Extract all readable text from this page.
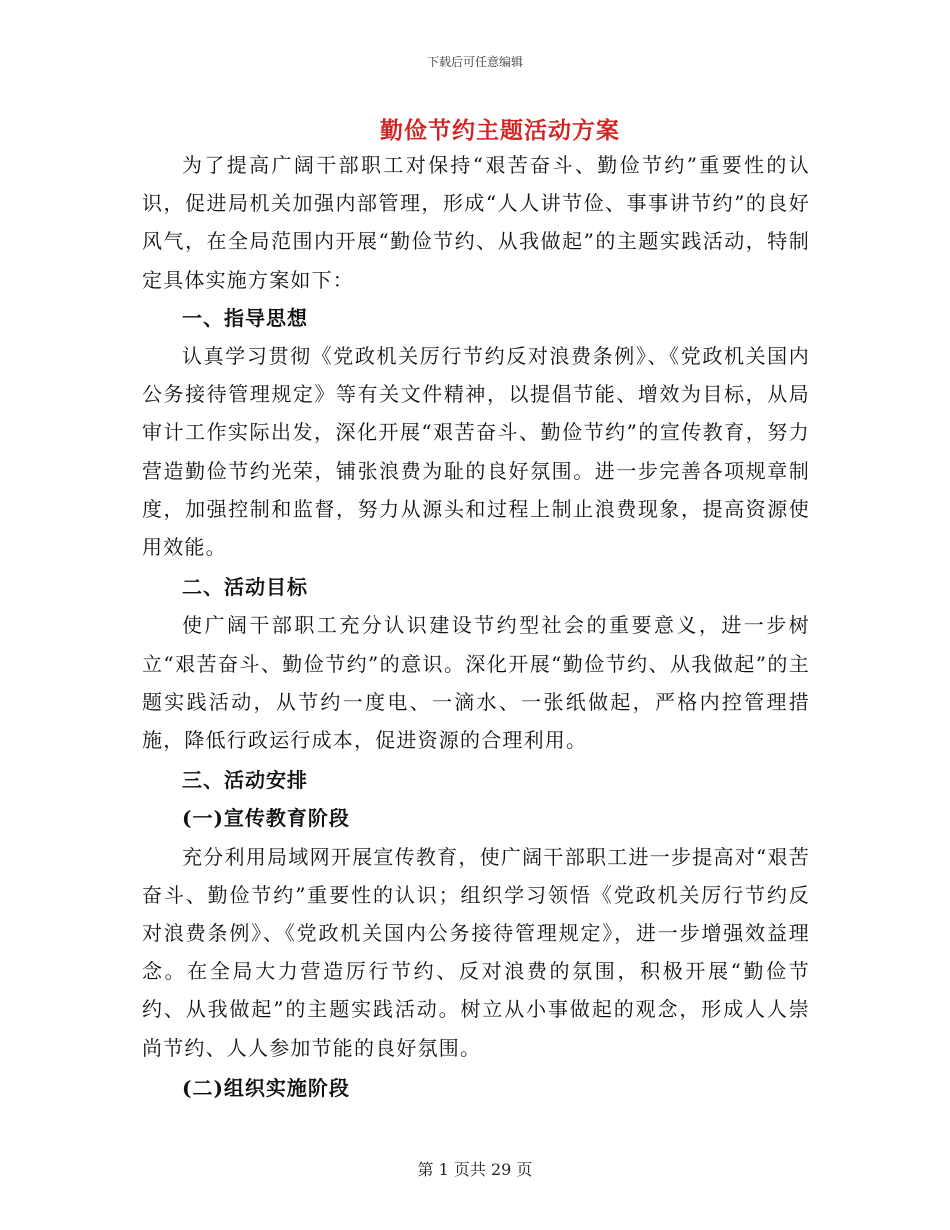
下载后可任意编辑
勤俭节约主题活动方案

为了提高广阔干部职工对保持“艰苦奋斗、勤俭节约”重要性的认识，促进局机关加强内部管理，形成“人人讲节俭、事事讲节约”的良好风气，在全局范围内开展“勤俭节约、从我做起”的主题实践活动，特制定具体实施方案如下：

一、指导思想

认真学习贯彻《党政机关厉行节约反对浪费条例》、《党政机关国内公务接待管理规定》等有关文件精神，以提倡节能、增效为目标，从局审计工作实际出发，深化开展“艰苦奋斗、勤俭节约”的宣传教育，努力营造勤俭节约光荣，铺张浪费为耻的良好氛围。进一步完善各项规章制度，加强控制和监督，努力从源头和过程上制止浪费现象，提高资源使用效能。

二、活动目标

使广阔干部职工充分认识建设节约型社会的重要意义，进一步树立“艰苦奋斗、勤俭节约”的意识。深化开展“勤俭节约、从我做起”的主题实践活动，从节约一度电、一滴水、一张纸做起，严格内控管理措施，降低行政运行成本，促进资源的合理利用。

三、活动安排

(一)宣传教育阶段

充分利用局域网开展宣传教育，使广阔干部职工进一步提高对“艰苦奋斗、勤俭节约”重要性的认识；组织学习领悟《党政机关厉行节约反对浪费条例》、《党政机关国内公务接待管理规定》，进一步增强效益理念。在全局大力营造厉行节约、反对浪费的氛围，积极开展“勤俭节约、从我做起”的主题实践活动。树立从小事做起的观念，形成人人崇尚节约、人人参加节能的良好氛围。

(二)组织实施阶段

第 1 页共 29 页
